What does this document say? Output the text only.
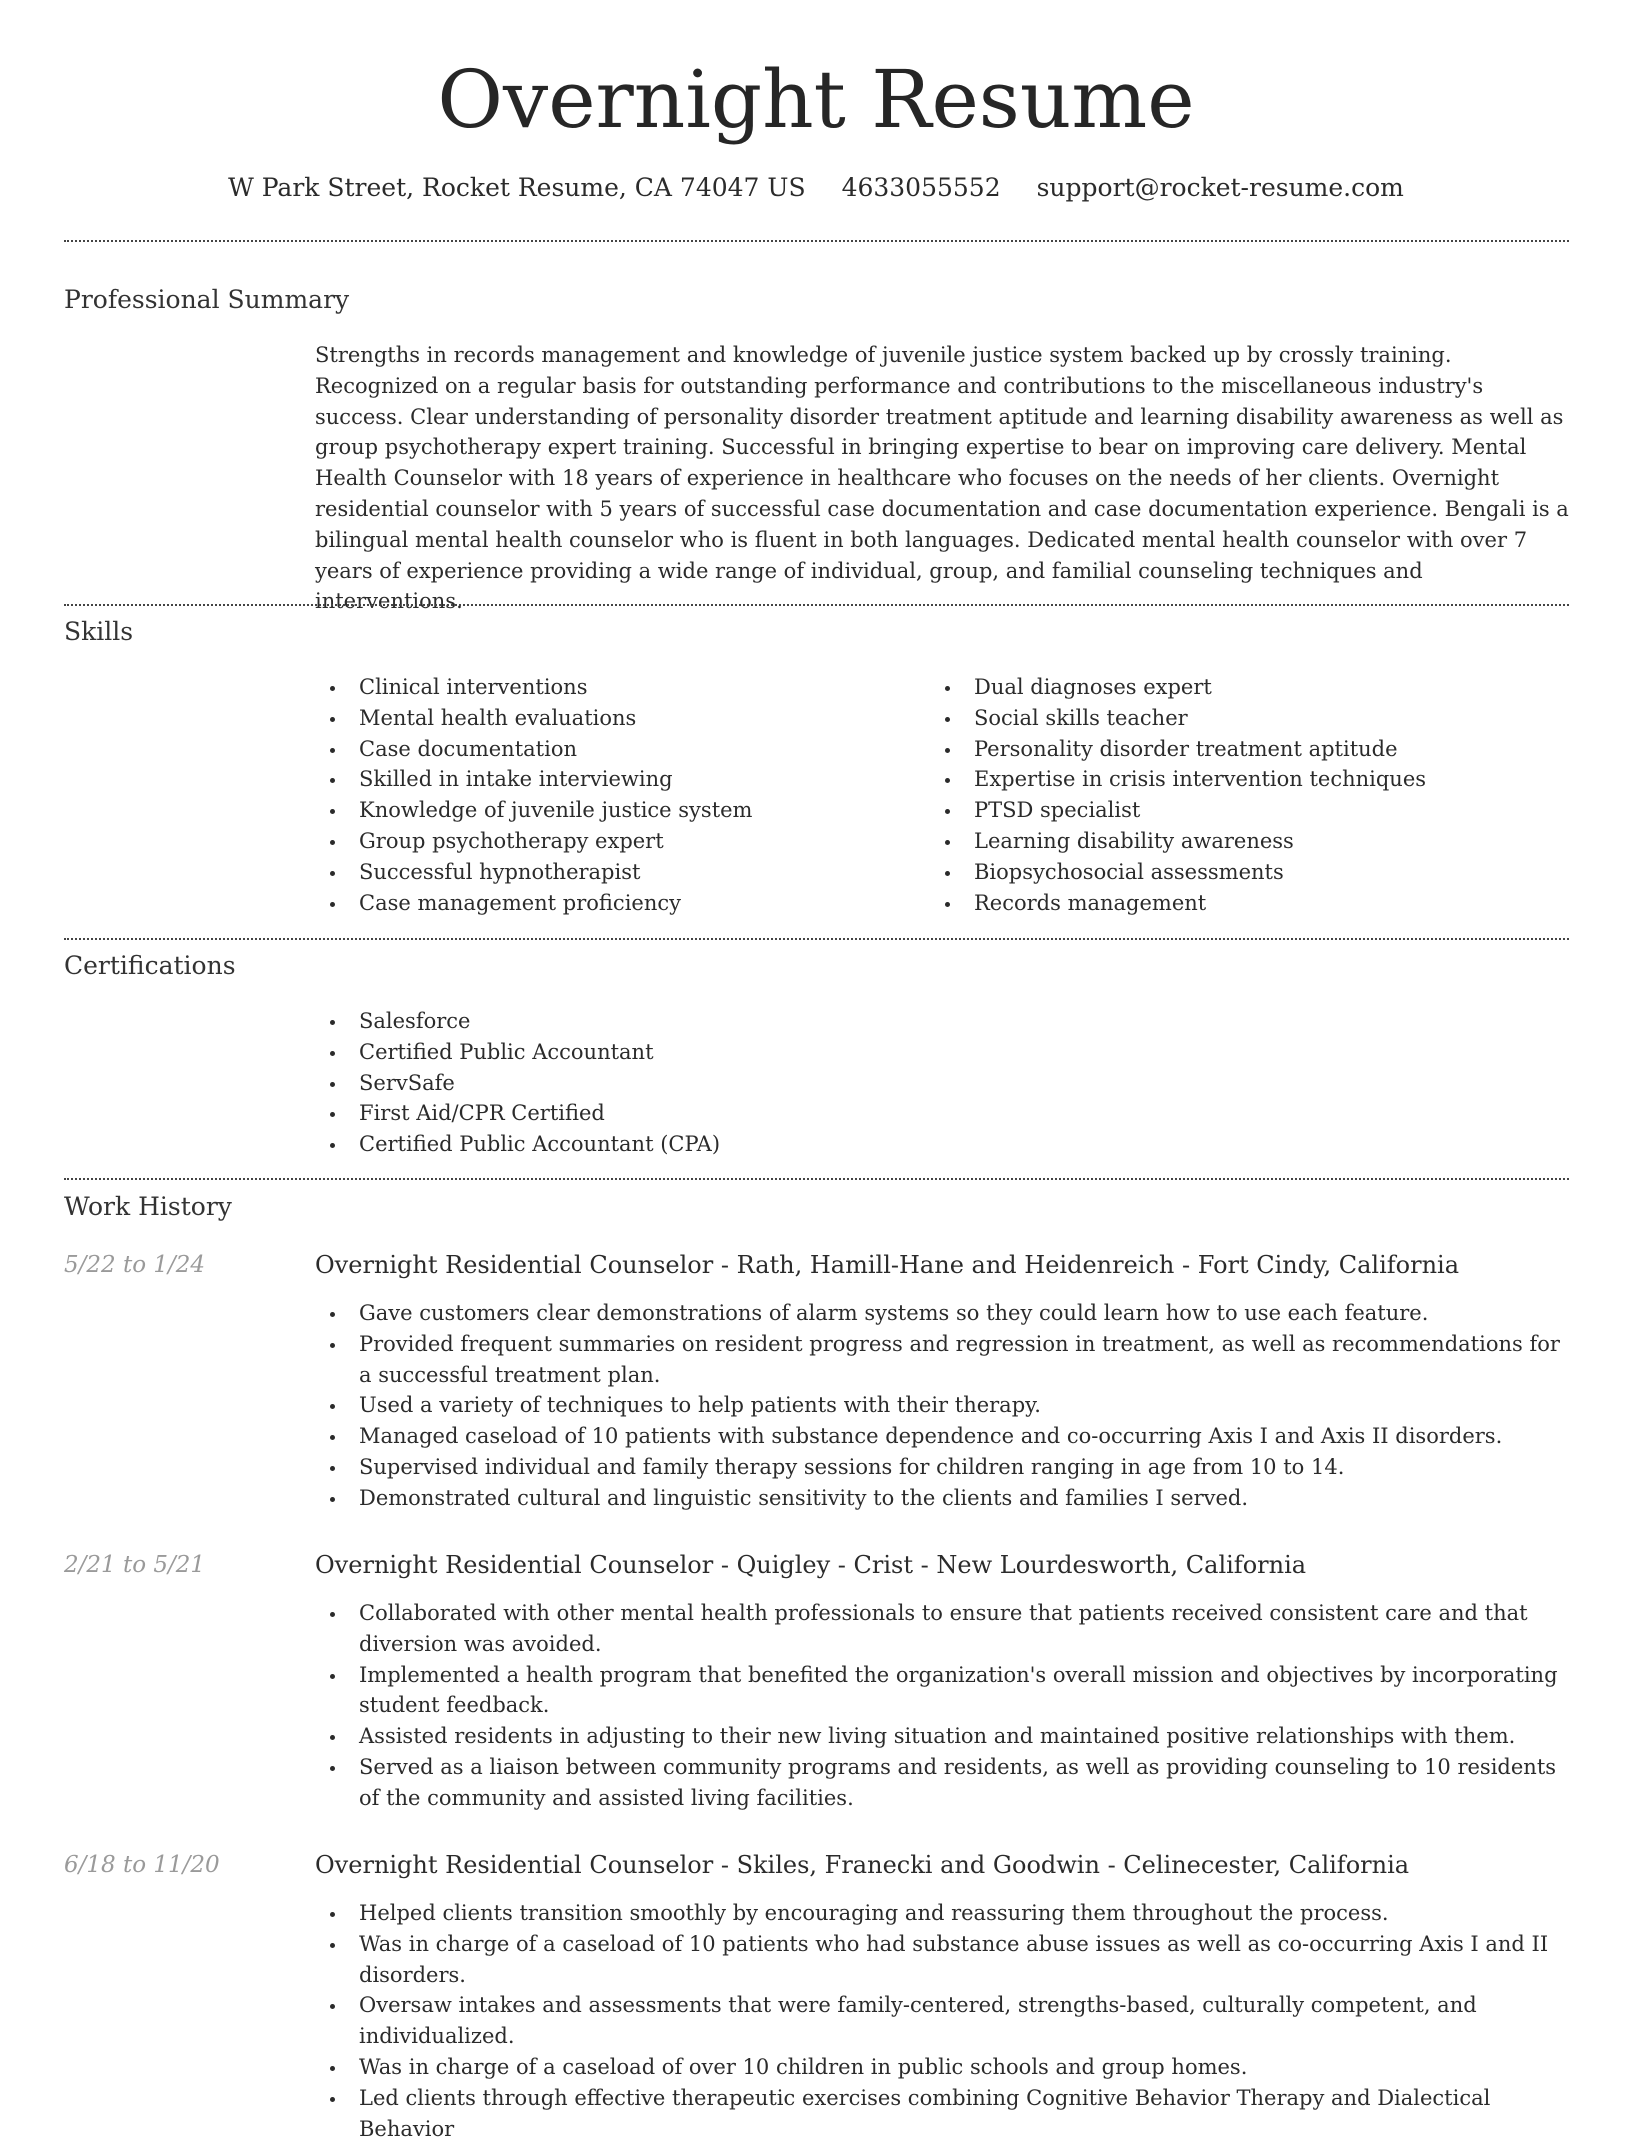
Overnight Resume
W Park Street, Rocket Resume, CA 74047 US 4633055552 support@rocket-resume.com
Professional Summary

Strengths in records management and knowledge of juvenile justice system backed up by crossly training. Recognized on a regular basis for outstanding performance and contributions to the miscellaneous industry's success. Clear understanding of personality disorder treatment aptitude and learning disability awareness as well as group psychotherapy expert training. Successful in bringing expertise to bear on improving care delivery. Mental Health Counselor with 18 years of experience in healthcare who focuses on the needs of her clients. Overnight residential counselor with 5 years of successful case documentation and case documentation experience. Bengali is a bilingual mental health counselor who is fluent in both languages. Dedicated mental health counselor with over 7 years of experience providing a wide range of individual, group, and familial counseling techniques and interventions.

Skills
Clinical interventions
Mental health evaluations
Case documentation
Skilled in intake interviewing
Knowledge of juvenile justice system
Group psychotherapy expert
Successful hypnotherapist
Case management proficiency
Dual diagnoses expert
Social skills teacher
Personality disorder treatment aptitude
Expertise in crisis intervention techniques
PTSD specialist
Learning disability awareness
Biopsychosocial assessments
Records management
Certifications
Salesforce
Certified Public Accountant
ServSafe
First Aid/CPR Certified
Certified Public Accountant (CPA)
Work History
5/22 to 1/24	Overnight Residential Counselor - Rath, Hamill-Hane and Heidenreich - Fort Cindy, California
Gave customers clear demonstrations of alarm systems so they could learn how to use each feature.
Provided frequent summaries on resident progress and regression in treatment, as well as recommendations for a successful treatment plan.
Used a variety of techniques to help patients with their therapy.
Managed caseload of 10 patients with substance dependence and co-occurring Axis I and Axis II disorders.
Supervised individual and family therapy sessions for children ranging in age from 10 to 14.
Demonstrated cultural and linguistic sensitivity to the clients and families I served.
2/21 to 5/21	Overnight Residential Counselor - Quigley - Crist - New Lourdesworth, California
Collaborated with other mental health professionals to ensure that patients received consistent care and that diversion was avoided.
Implemented a health program that benefited the organization's overall mission and objectives by incorporating student feedback.
Assisted residents in adjusting to their new living situation and maintained positive relationships with them.
Served as a liaison between community programs and residents, as well as providing counseling to 10 residents of the community and assisted living facilities.
6/18 to 11/20	Overnight Residential Counselor - Skiles, Franecki and Goodwin - Celinecester, California
Helped clients transition smoothly by encouraging and reassuring them throughout the process.
Was in charge of a caseload of 10 patients who had substance abuse issues as well as co-occurring Axis I and II disorders.
Oversaw intakes and assessments that were family-centered, strengths-based, culturally competent, and individualized.
Was in charge of a caseload of over 10 children in public schools and group homes.
Led clients through effective therapeutic exercises combining Cognitive Behavior Therapy and Dialectical Behavior
